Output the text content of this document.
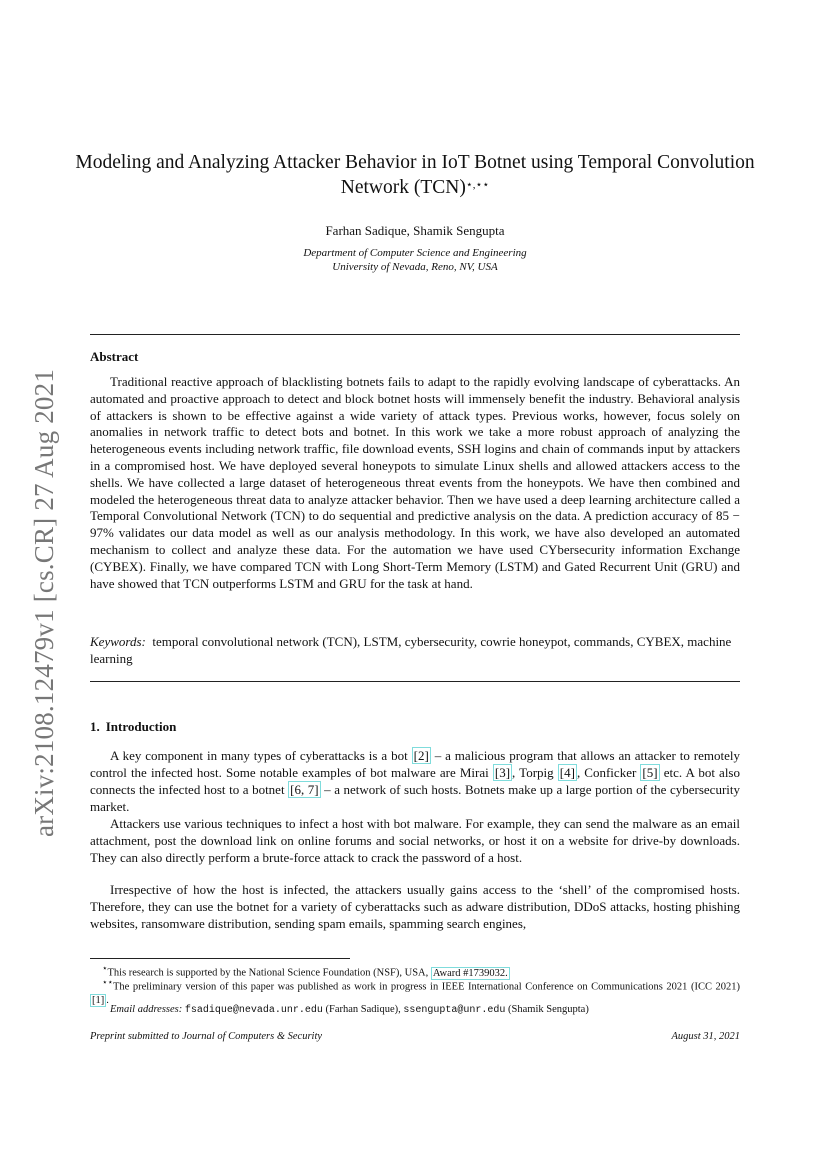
arXiv:2108.12479v1 [cs.CR] 27 Aug 2021
Modeling and Analyzing Attacker Behavior in IoT Botnet using Temporal Convolution Network (TCN)⋆,⋆⋆
Farhan Sadique, Shamik Sengupta
Department of Computer Science and Engineering
University of Nevada, Reno, NV, USA
Abstract
Traditional reactive approach of blacklisting botnets fails to adapt to the rapidly evolving landscape of cyberattacks. An automated and proactive approach to detect and block botnet hosts will immensely benefit the industry. Behavioral analysis of attackers is shown to be effective against a wide variety of attack types. Previous works, however, focus solely on anomalies in network traffic to detect bots and botnet. In this work we take a more robust approach of analyzing the heterogeneous events including network traffic, file download events, SSH logins and chain of commands input by attackers in a compromised host. We have deployed several honeypots to simulate Linux shells and allowed attackers access to the shells. We have collected a large dataset of heterogeneous threat events from the honeypots. We have then combined and modeled the heterogeneous threat data to analyze attacker behavior. Then we have used a deep learning architecture called a Temporal Convolutional Network (TCN) to do sequential and predictive analysis on the data. A prediction accuracy of 85 − 97% validates our data model as well as our analysis methodology. In this work, we have also developed an automated mechanism to collect and analyze these data. For the automation we have used CYbersecurity information Exchange (CYBEX). Finally, we have compared TCN with Long Short-Term Memory (LSTM) and Gated Recurrent Unit (GRU) and have showed that TCN outperforms LSTM and GRU for the task at hand.
Keywords: temporal convolutional network (TCN), LSTM, cybersecurity, cowrie honeypot, commands, CYBEX, machine learning
1. Introduction
A key component in many types of cyberattacks is a bot [2] – a malicious program that allows an attacker to remotely control the infected host. Some notable examples of bot malware are Mirai [3] , Torpig [4] , Conficker [5] etc. A bot also connects the infected host to a botnet [6, 7] – a network of such hosts. Botnets make up a large portion of the cybersecurity market.
Attackers use various techniques to infect a host with bot malware. For example, they can send the malware as an email attachment, post the download link on online forums and social networks, or host it on a website for drive-by downloads. They can also directly perform a brute-force attack to crack the password of a host.
Irrespective of how the host is infected, the attackers usually gains access to the ‘shell’ of the compromised hosts. Therefore, they can use the botnet for a variety of cyberattacks such as adware distribution, DDoS attacks, hosting phishing websites, ransomware distribution, sending spam emails, spamming search engines,
⋆This research is supported by the National Science Foundation (NSF), USA, Award #1739032.
⋆⋆The preliminary version of this paper was published as work in progress in IEEE International Conference on Communications 2021 (ICC 2021) [1] .
Email addresses: fsadique@nevada.unr.edu (Farhan Sadique), ssengupta@unr.edu (Shamik Sengupta)
Preprint submitted to Journal of Computers & Security	August 31, 2021
